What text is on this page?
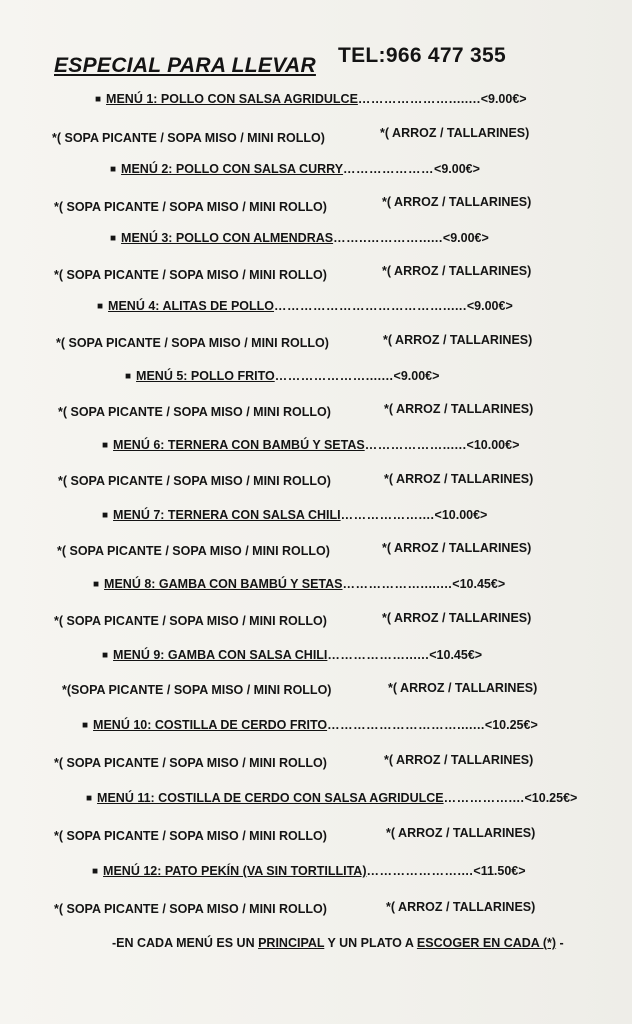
ESPECIAL PARA LLEVAR TEL:966 477 355
■ MENÚ 1: POLLO CON SALSA AGRIDULCE…………………........<9.00€>
*( SOPA PICANTE / SOPA MISO / MINI ROLLO)	*( ARROZ / TALLARINES)
■ MENÚ 2: POLLO CON SALSA CURRY…………………<9.00€>
*( SOPA PICANTE / SOPA MISO / MINI ROLLO)	*( ARROZ / TALLARINES)
■ MENÚ 3: POLLO CON ALMENDRAS……..…………......<9.00€>
*( SOPA PICANTE / SOPA MISO / MINI ROLLO)	*( ARROZ / TALLARINES)
■ MENÚ 4: ALITAS DE POLLO…………………………………......<9.00€>
*( SOPA PICANTE / SOPA MISO / MINI ROLLO)	*( ARROZ / TALLARINES)
■ MENÚ 5: POLLO FRITO………………….......<9.00€>
*( SOPA PICANTE / SOPA MISO / MINI ROLLO)	*( ARROZ / TALLARINES)
■ MENÚ 6: TERNERA CON BAMBÚ Y SETAS………………......<10.00€>
*( SOPA PICANTE / SOPA MISO / MINI ROLLO)	*( ARROZ / TALLARINES)
■ MENÚ 7: TERNERA CON SALSA CHILI………………....<10.00€>
*( SOPA PICANTE / SOPA MISO / MINI ROLLO)	*( ARROZ / TALLARINES)
■ MENÚ 8: GAMBA CON BAMBÚ Y SETAS………………........<10.45€>
*( SOPA PICANTE / SOPA MISO / MINI ROLLO)	*( ARROZ / TALLARINES)
■ MENÚ 9: GAMBA CON SALSA CHILI………………......<10.45€>
*(SOPA PICANTE / SOPA MISO / MINI ROLLO)	*( ARROZ / TALLARINES)
■ MENÚ 10: COSTILLA DE CERDO FRITO………………………….......<10.25€>
*( SOPA PICANTE / SOPA MISO / MINI ROLLO)	*( ARROZ / TALLARINES)
■ MENÚ 11: COSTILLA DE CERDO CON SALSA AGRIDULCE……………....<10.25€>
*( SOPA PICANTE / SOPA MISO / MINI ROLLO)	*( ARROZ / TALLARINES)
■ MENÚ 12: PATO PEKÍN (VA SIN TORTILLITA)…………………....<11.50€>
*( SOPA PICANTE / SOPA MISO / MINI ROLLO)	*( ARROZ / TALLARINES)
-EN CADA MENÚ ES UN PRINCIPAL Y UN PLATO A ESCOGER EN CADA (*) -
